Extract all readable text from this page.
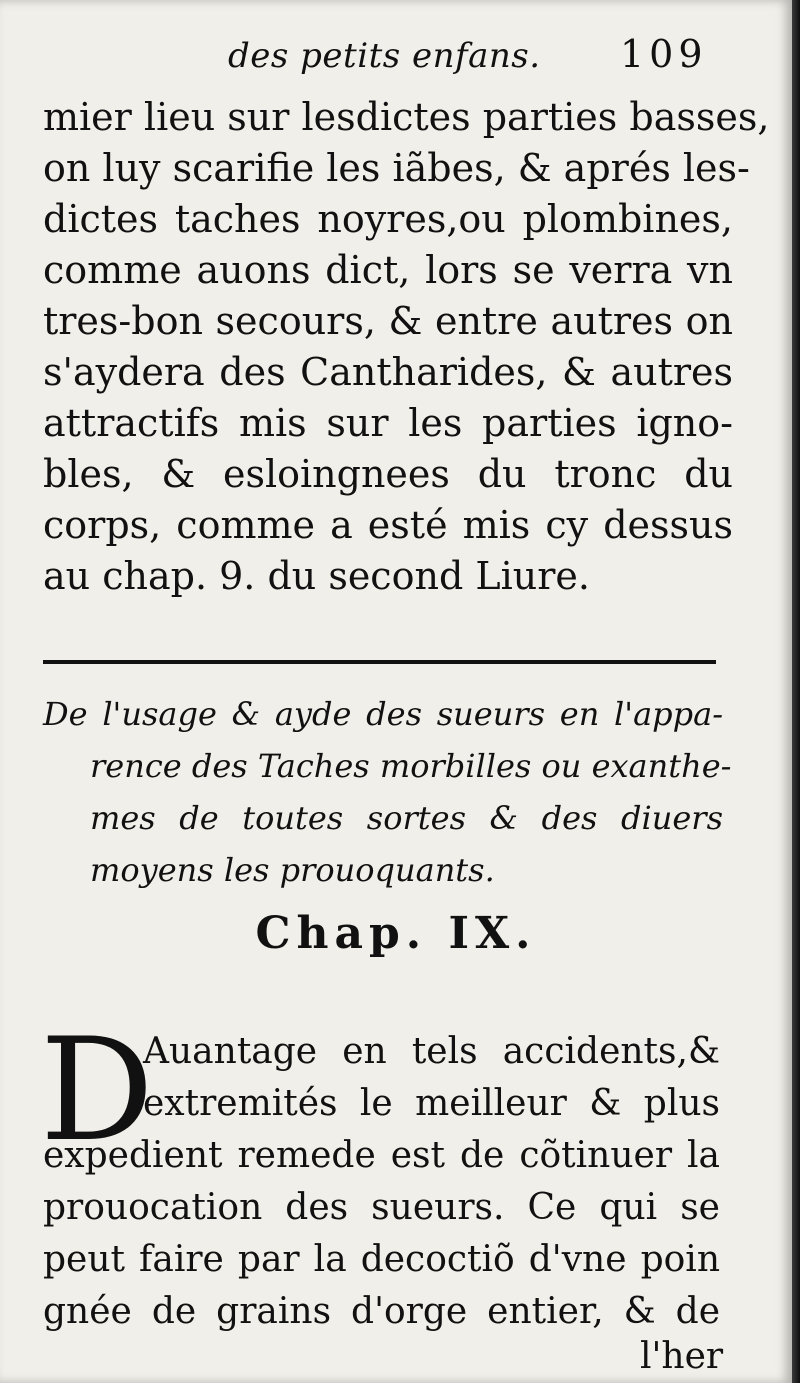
des petits enfans. 109
mier lieu sur lesdictes parties basses,
on luy scarifie les iãbes, & aprés les-
dictes taches noyres,ou plombines,
comme auons dict, lors se verra vn
tres-bon secours, & entre autres on
s'aydera des Cantharides, & autres
attractifs mis sur les parties igno-
bles, & esloingnees du tronc du
corps, comme a esté mis cy dessus
au chap. 9. du second Liure.
De l'usage & ayde des sueurs en l'appa-
rence des Taches morbilles ou exanthe-
mes de toutes sortes & des diuers
moyens les prouoquants.
Chap. IX.
D
Auantage en tels accidents,&
extremités le meilleur & plus
expedient remede est de cõtinuer la
prouocation des sueurs. Ce qui se
peut faire par la decoctiõ d'vne poin
gnée de grains d'orge entier, & de
l'her
